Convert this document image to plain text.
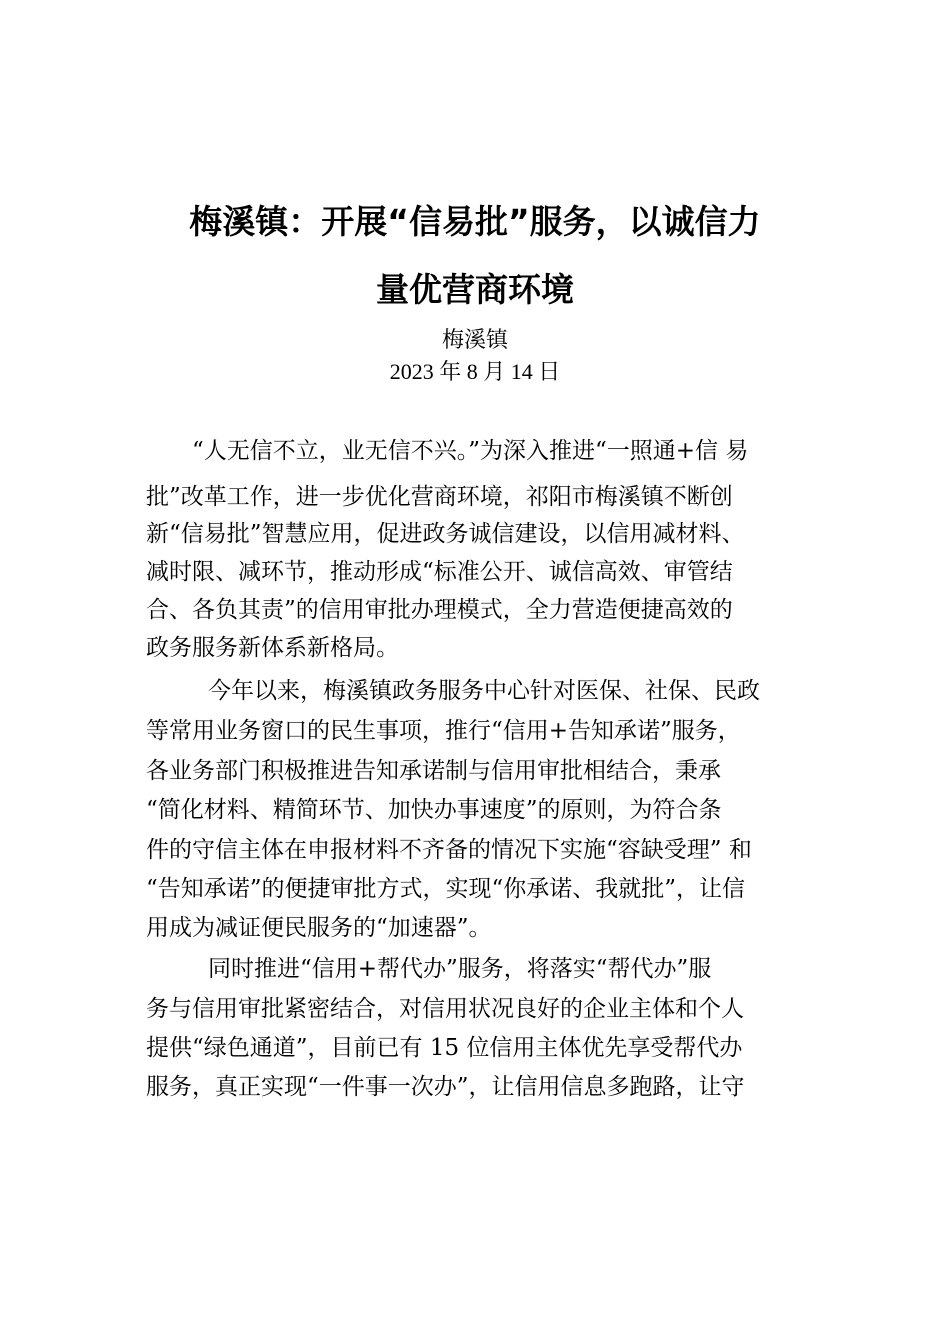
梅溪镇：开展“信易批”服务，以诚信力
量优营商环境
梅溪镇
2023 年 8 月 14 日
“人无信不立，业无信不兴。”为深入推进“一照通+信 易
批”改革工作，进一步优化营商环境，祁阳市梅溪镇不断创
新“信易批”智慧应用，促进政务诚信建设，以信用减材料、
减时限、减环节，推动形成“标准公开、诚信高效、审管结
合、各负其责”的信用审批办理模式，全力营造便捷高效的
政务服务新体系新格局。
今年以来，梅溪镇政务服务中心针对医保、社保、民政
等常用业务窗口的民生事项，推行“信用+告知承诺”服务，
各业务部门积极推进告知承诺制与信用审批相结合，秉承
“简化材料、精简环节、加快办事速度”的原则，为符合条
件的守信主体在申报材料不齐备的情况下实施“容缺受理” 和
“告知承诺”的便捷审批方式，实现“你承诺、我就批”，让信
用成为减证便民服务的“加速器”。
同时推进“信用+帮代办”服务，将落实“帮代办”服
务与信用审批紧密结合，对信用状况良好的企业主体和个人
提供“绿色通道”，目前已有 15 位信用主体优先享受帮代办
服务，真正实现“一件事一次办”，让信用信息多跑路，让守
